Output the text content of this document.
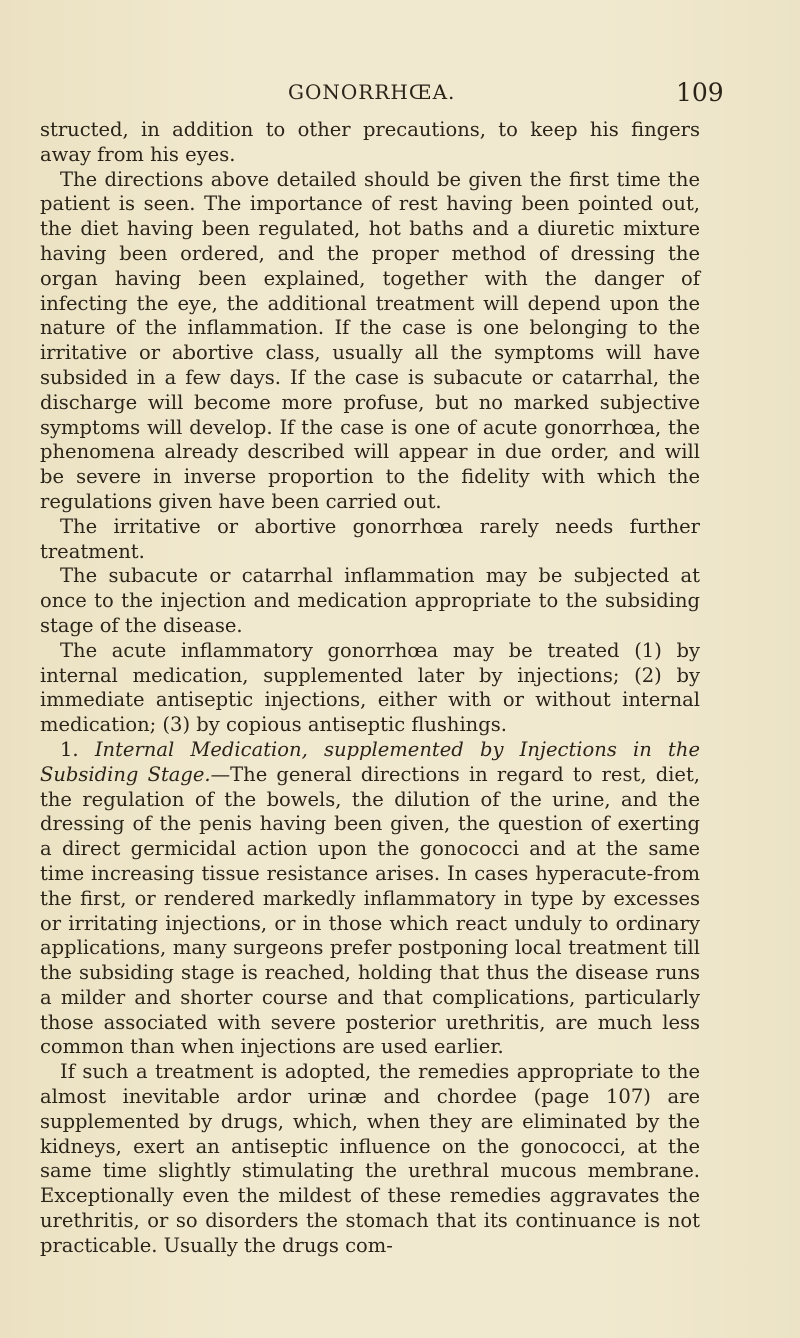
GONORRHŒA.	109

structed, in addition to other precautions, to keep his fingers away from his eyes.

The directions above detailed should be given the first time the patient is seen. The importance of rest having been pointed out, the diet having been regulated, hot baths and a diuretic mixture having been ordered, and the proper method of dressing the organ having been explained, together with the danger of infecting the eye, the additional treatment will depend upon the nature of the inflammation. If the case is one belonging to the irritative or abortive class, usually all the symptoms will have subsided in a few days. If the case is subacute or catarrhal, the discharge will become more profuse, but no marked subjective symptoms will develop. If the case is one of acute gonorrhœa, the phenomena already described will appear in due order, and will be severe in inverse proportion to the fidelity with which the regulations given have been carried out.

The irritative or abortive gonorrhœa rarely needs further treatment.

The subacute or catarrhal inflammation may be subjected at once to the injection and medication appropriate to the subsiding stage of the disease.

The acute inflammatory gonorrhœa may be treated (1) by internal medication, supplemented later by injections; (2) by immediate antiseptic injections, either with or without internal medication; (3) by copious antiseptic flushings.

1. Internal Medication, supplemented by Injections in the Subsiding Stage.—The general directions in regard to rest, diet, the regulation of the bowels, the dilution of the urine, and the dressing of the penis having been given, the question of exerting a direct germicidal action upon the gonococci and at the same time increasing tissue resistance arises. In cases hyperacute-from the first, or rendered markedly inflammatory in type by excesses or irritating injections, or in those which react unduly to ordinary applications, many surgeons prefer postponing local treatment till the subsiding stage is reached, holding that thus the disease runs a milder and shorter course and that complications, particularly those associated with severe posterior urethritis, are much less common than when injections are used earlier.

If such a treatment is adopted, the remedies appropriate to the almost inevitable ardor urinæ and chordee (page 107) are supplemented by drugs, which, when they are eliminated by the kidneys, exert an antiseptic influence on the gonococci, at the same time slightly stimulating the urethral mucous membrane. Exceptionally even the mildest of these remedies aggravates the urethritis, or so disorders the stomach that its continuance is not practicable. Usually the drugs com-
